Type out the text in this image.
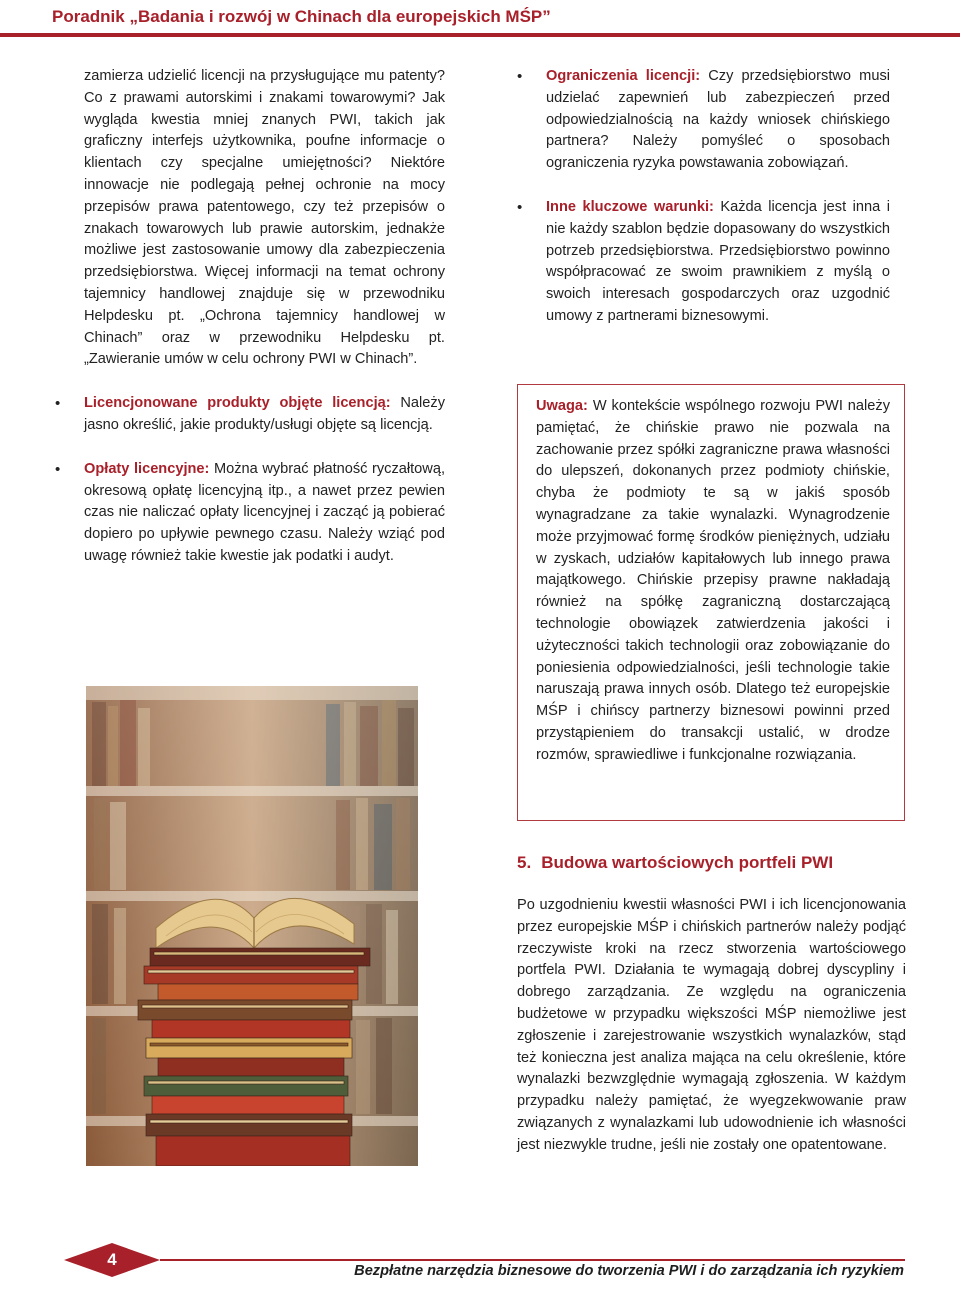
Poradnik „Badania i rozwój w Chinach dla europejskich MŚP”

zamierza udzielić licencji na przysługujące mu patenty? Co z prawami autorskimi i znakami towarowymi? Jak wygląda kwestia mniej znanych PWI, takich jak graficzny interfejs użytkownika, poufne informacje o klientach czy specjalne umiejętności? Niektóre innowacje nie podlegają pełnej ochronie na mocy przepisów prawa patentowego, czy też przepisów o znakach towarowych lub prawie autorskim, jednakże możliwe jest zastosowanie umowy dla zabezpieczenia przedsiębiorstwa. Więcej informacji na temat ochrony tajemnicy handlowej znajduje się w przewodniku Helpdesku pt. „Ochrona tajemnicy handlowej w Chinach” oraz w przewodniku Helpdesku pt. „Zawieranie umów w celu ochrony PWI w Chinach”.

• Licencjonowane produkty objęte licencją: Należy jasno określić, jakie produkty/usługi objęte są licencją.
• Opłaty licencyjne: Można wybrać płatność ryczałtową, okresową opłatę licencyjną itp., a nawet przez pewien czas nie naliczać opłaty licencyjnej i zacząć ją pobierać dopiero po upływie pewnego czasu. Należy wziąć pod uwagę również takie kwestie jak podatki i audyt.
• Ograniczenia licencji: Czy przedsiębiorstwo musi udzielać zapewnień lub zabezpieczeń przed odpowiedzialnością na każdy wniosek chińskiego partnera? Należy pomyśleć o sposobach ograniczenia ryzyka powstawania zobowiązań.
• Inne kluczowe warunki: Każda licencja jest inna i nie każdy szablon będzie dopasowany do wszystkich potrzeb przedsiębiorstwa. Przedsiębiorstwo powinno współpracować ze swoim prawnikiem z myślą o swoich interesach gospodarczych oraz uzgodnić umowy z partnerami biznesowymi.
Uwaga: W kontekście wspólnego rozwoju PWI należy pamiętać, że chińskie prawo nie pozwala na zachowanie przez spółki zagraniczne prawa własności do ulepszeń, dokonanych przez podmioty chińskie, chyba że podmioty te są w jakiś sposób wynagradzane za takie wynalazki. Wynagrodzenie może przyjmować formę środków pieniężnych, udziału w zyskach, udziałów kapitałowych lub innego prawa majątkowego. Chińskie przepisy prawne nakładają również na spółkę zagraniczną dostarczającą technologie obowiązek zatwierdzenia jakości i użyteczności takich technologii oraz zobowiązanie do poniesienia odpowiedzialności, jeśli technologie takie naruszają prawa innych osób. Dlatego też europejskie MŚP i chińscy partnerzy biznesowi powinni przed przystąpieniem do transakcji ustalić, w drodze rozmów, sprawiedliwe i funkcjonalne rozwiązania.
5. Budowa wartościowych portfeli PWI
Po uzgodnieniu kwestii własności PWI i ich licencjonowania przez europejskie MŚP i chińskich partnerów należy podjąć rzeczywiste kroki na rzecz stworzenia wartościowego portfela PWI. Działania te wymagają dobrej dyscypliny i dobrego zarządzania. Ze względu na ograniczenia budżetowe w przypadku większości MŚP niemożliwe jest zgłoszenie i zarejestrowanie wszystkich wynalazków, stąd też konieczna jest analiza mająca na celu określenie, które wynalazki bezwzględnie wymagają zgłoszenia. W każdym przypadku należy pamiętać, że wyegzekwowanie praw związanych z wynalazkami lub udowodnienie ich własności jest niezwykle trudne, jeśli nie zostały one opatentowane.
4
Bezpłatne narzędzia biznesowe do tworzenia PWI i do zarządzania ich ryzykiem
